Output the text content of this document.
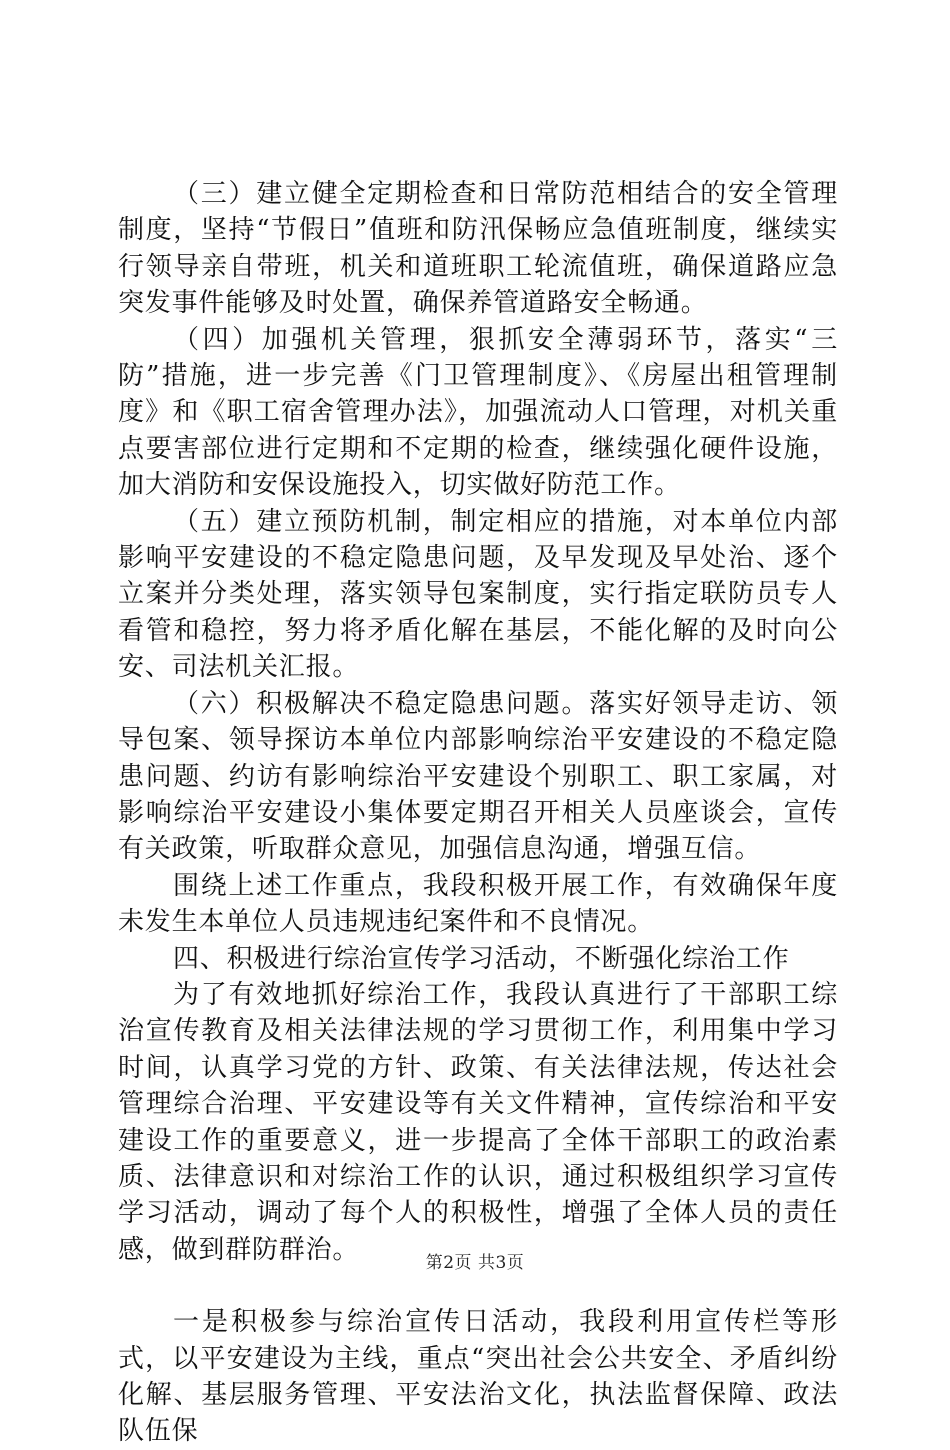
（三）建立健全定期检查和日常防范相结合的安全管理制度，坚持“节假日”值班和防汛保畅应急值班制度，继续实行领导亲自带班，机关和道班职工轮流值班，确保道路应急突发事件能够及时处置，确保养管道路安全畅通。

（四）加强机关管理，狠抓安全薄弱环节，落实“三防”措施，进一步完善《门卫管理制度》、《房屋出租管理制度》和《职工宿舍管理办法》，加强流动人口管理，对机关重点要害部位进行定期和不定期的检查，继续强化硬件设施，加大消防和安保设施投入，切实做好防范工作。

（五）建立预防机制，制定相应的措施，对本单位内部影响平安建设的不稳定隐患问题，及早发现及早处治、逐个立案并分类处理，落实领导包案制度，实行指定联防员专人看管和稳控，努力将矛盾化解在基层，不能化解的及时向公安、司法机关汇报。

（六）积极解决不稳定隐患问题。落实好领导走访、领导包案、领导探访本单位内部影响综治平安建设的不稳定隐患问题、约访有影响综治平安建设个别职工、职工家属，对影响综治平安建设小集体要定期召开相关人员座谈会，宣传有关政策，听取群众意见，加强信息沟通，增强互信。

围绕上述工作重点，我段积极开展工作，有效确保年度未发生本单位人员违规违纪案件和不良情况。

四、积极进行综治宣传学习活动，不断强化综治工作

为了有效地抓好综治工作，我段认真进行了干部职工综治宣传教育及相关法律法规的学习贯彻工作，利用集中学习时间，认真学习党的方针、政策、有关法律法规，传达社会管理综合治理、平安建设等有关文件精神，宣传综治和平安建设工作的重要意义，进一步提高了全体干部职工的政治素质、法律意识和对综治工作的认识，通过积极组织学习宣传学习活动，调动了每个人的积极性，增强了全体人员的责任感，做到群防群治。

一是积极参与综治宣传日活动，我段利用宣传栏等形式，以平安建设为主线，重点“突出社会公共安全、矛盾纠纷化解、基层服务管理、平安法治文化，执法监督保障、政法队伍保

第2页 共3页
